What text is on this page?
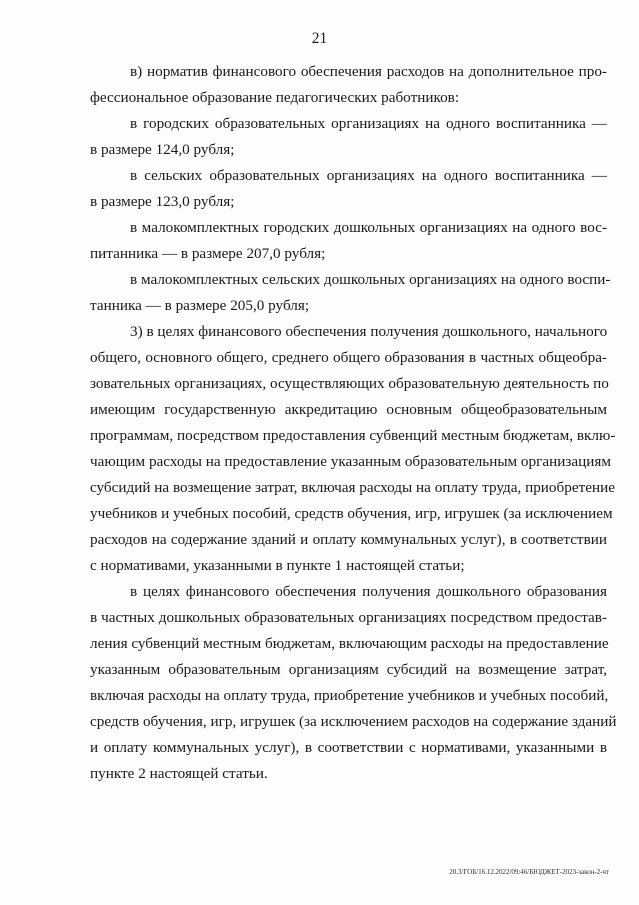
21
в) норматив финансового обеспечения расходов на дополнительное про-
фессиональное образование педагогических работников:
в городских образовательных организациях на одного воспитанника —
в размере 124,0 рубля;
в сельских образовательных организациях на одного воспитанника —
в размере 123,0 рубля;
в малокомплектных городских дошкольных организациях на одного вос-
питанника — в размере 207,0 рубля;
в малокомплектных сельских дошкольных организациях на одного воспи-
танника — в размере 205,0 рубля;
3) в целях финансового обеспечения получения дошкольного, начального
общего, основного общего, среднего общего образования в частных общеобра-
зовательных организациях, осуществляющих образовательную деятельность по
имеющим государственную аккредитацию основным общеобразовательным
программам, посредством предоставления субвенций местным бюджетам, вклю-
чающим расходы на предоставление указанным образовательным организациям
субсидий на возмещение затрат, включая расходы на оплату труда, приобретение
учебников и учебных пособий, средств обучения, игр, игрушек (за исключением
расходов на содержание зданий и оплату коммунальных услуг), в соответствии
с нормативами, указанными в пункте 1 настоящей статьи;
в целях финансового обеспечения получения дошкольного образования
в частных дошкольных образовательных организациях посредством предостав-
ления субвенций местным бюджетам, включающим расходы на предоставление
указанным образовательным организациям субсидий на возмещение затрат,
включая расходы на оплату труда, приобретение учебников и учебных пособий,
средств обучения, игр, игрушек (за исключением расходов на содержание зданий
и оплату коммунальных услуг), в соответствии с нормативами, указанными в
пункте 2 настоящей статьи.
20.3/ГОБ/16.12.2022/09:46/БЮДЖЕТ-2023-закон-2-чт
